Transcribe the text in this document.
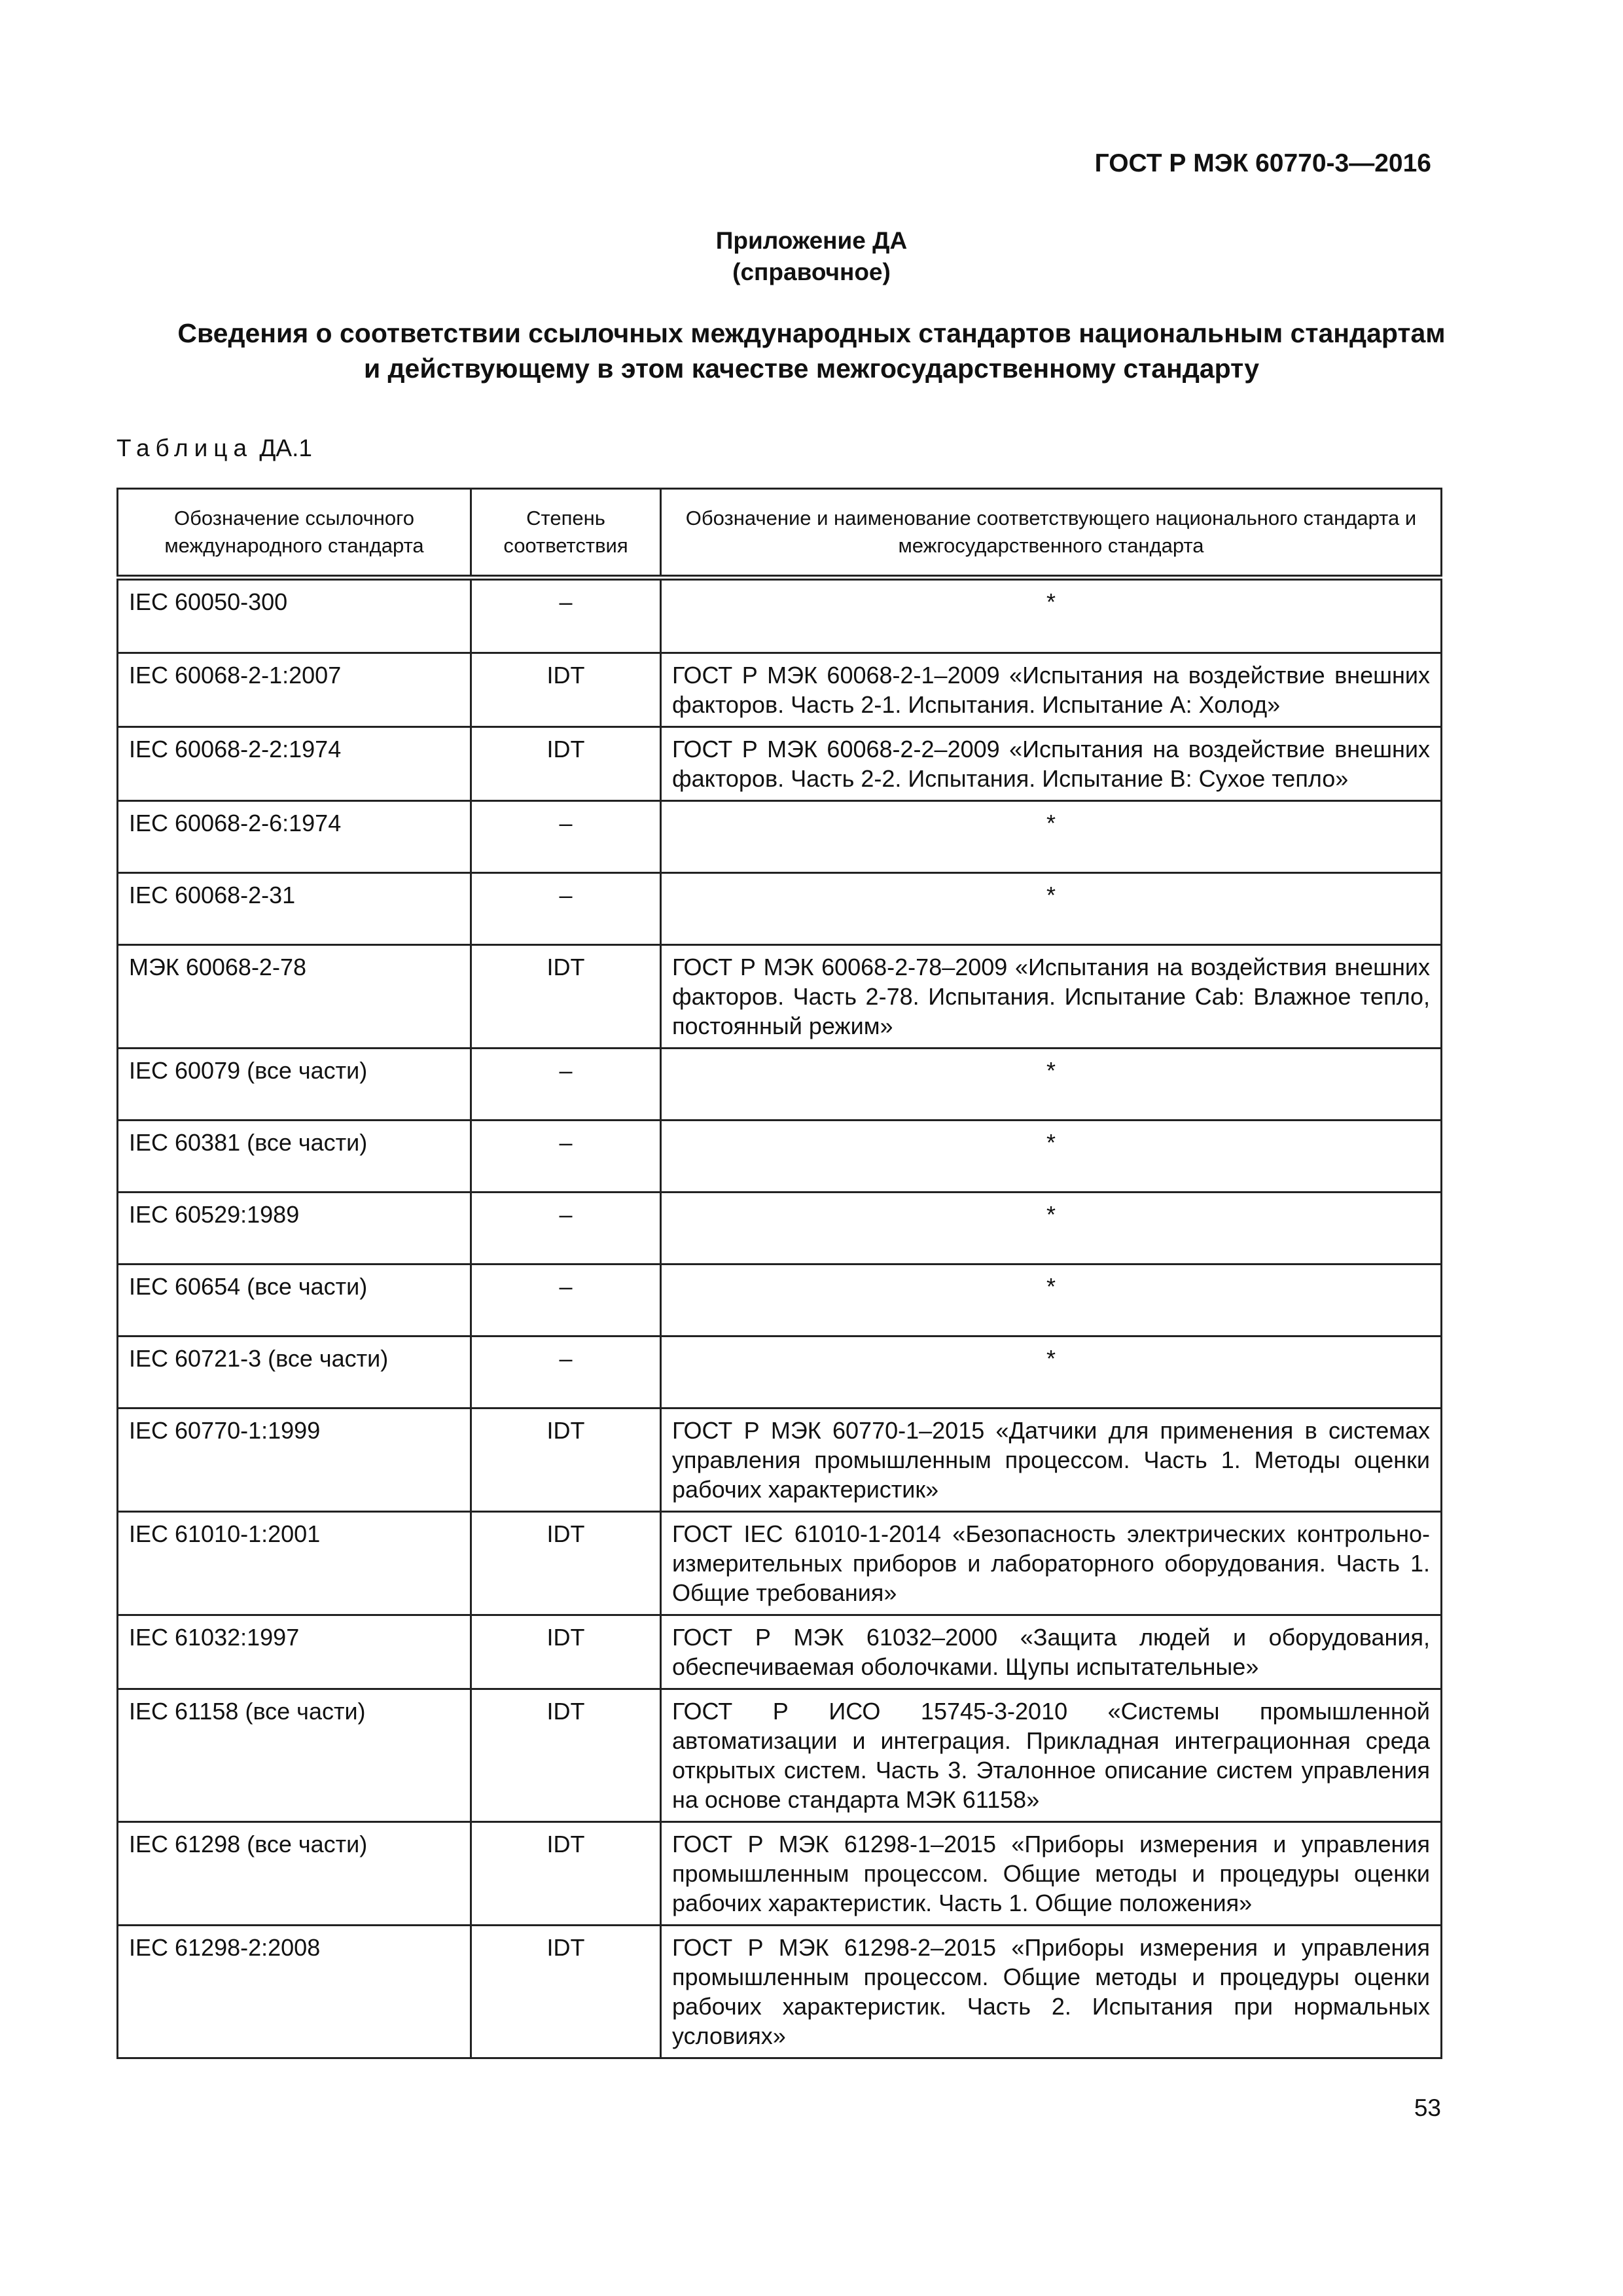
ГОСТ Р МЭК 60770-3—2016
Приложение ДА
(справочное)
Сведения о соответствии ссылочных международных стандартов национальным стандартам
и действующему в этом качестве межгосударственному стандарту
Таблица ДА.1
Обозначение ссылочного международного стандарта	Степень соответствия	Обозначение и наименование соответствующего национального стандарта и межгосударственного стандарта

IEC 60050-300	–	*

IEC 60068-2-1:2007	IDT	ГОСТ Р МЭК 60068-2-1–2009 «Испытания на воздействие внешних факторов. Часть 2-1. Испытания. Испытание А: Холод»

IEC 60068-2-2:1974	IDT	ГОСТ Р МЭК 60068-2-2–2009 «Испытания на воздействие внешних факторов. Часть 2-2. Испытания. Испытание В: Сухое тепло»

IEC 60068-2-6:1974	–	*

IEC 60068-2-31	–	*

МЭК 60068-2-78	IDT	ГОСТ Р МЭК 60068-2-78–2009 «Испытания на воздействия внешних факторов. Часть 2-78. Испытания. Испытание Cab: Влажное тепло, постоянный режим»

IEC 60079 (все части)	–	*

IEC 60381 (все части)	–	*

IEC 60529:1989	–	*

IEC 60654 (все части)	–	*

IEC 60721-3 (все части)	–	*

IEC 60770-1:1999	IDT	ГОСТ Р МЭК 60770-1–2015 «Датчики для применения в системах управления промышленным процессом. Часть 1. Методы оценки рабочих характеристик»

IEC 61010-1:2001	IDT	ГОСТ IEC 61010-1-2014 «Безопасность электрических контрольно-измерительных приборов и лабораторного оборудования. Часть 1. Общие требования»

IEC 61032:1997	IDT	ГОСТ Р МЭК 61032–2000 «Защита людей и оборудования, обеспечиваемая оболочками. Щупы испытательные»

IEC 61158 (все части)	IDT	ГОСТ Р ИСО 15745-3-2010 «Системы промышленной автоматизации и интеграция. Прикладная интеграционная среда открытых систем. Часть 3. Эталонное описание систем управления на основе стандарта МЭК 61158»

IEC 61298 (все части)	IDT	ГОСТ Р МЭК 61298-1–2015 «Приборы измерения и управления промышленным процессом. Общие методы и процедуры оценки рабочих характеристик. Часть 1. Общие положения»

IEC 61298-2:2008	IDT	ГОСТ Р МЭК 61298-2–2015 «Приборы измерения и управления промышленным процессом. Общие методы и процедуры оценки рабочих характеристик. Часть 2. Испытания при нормальных условиях»
53
